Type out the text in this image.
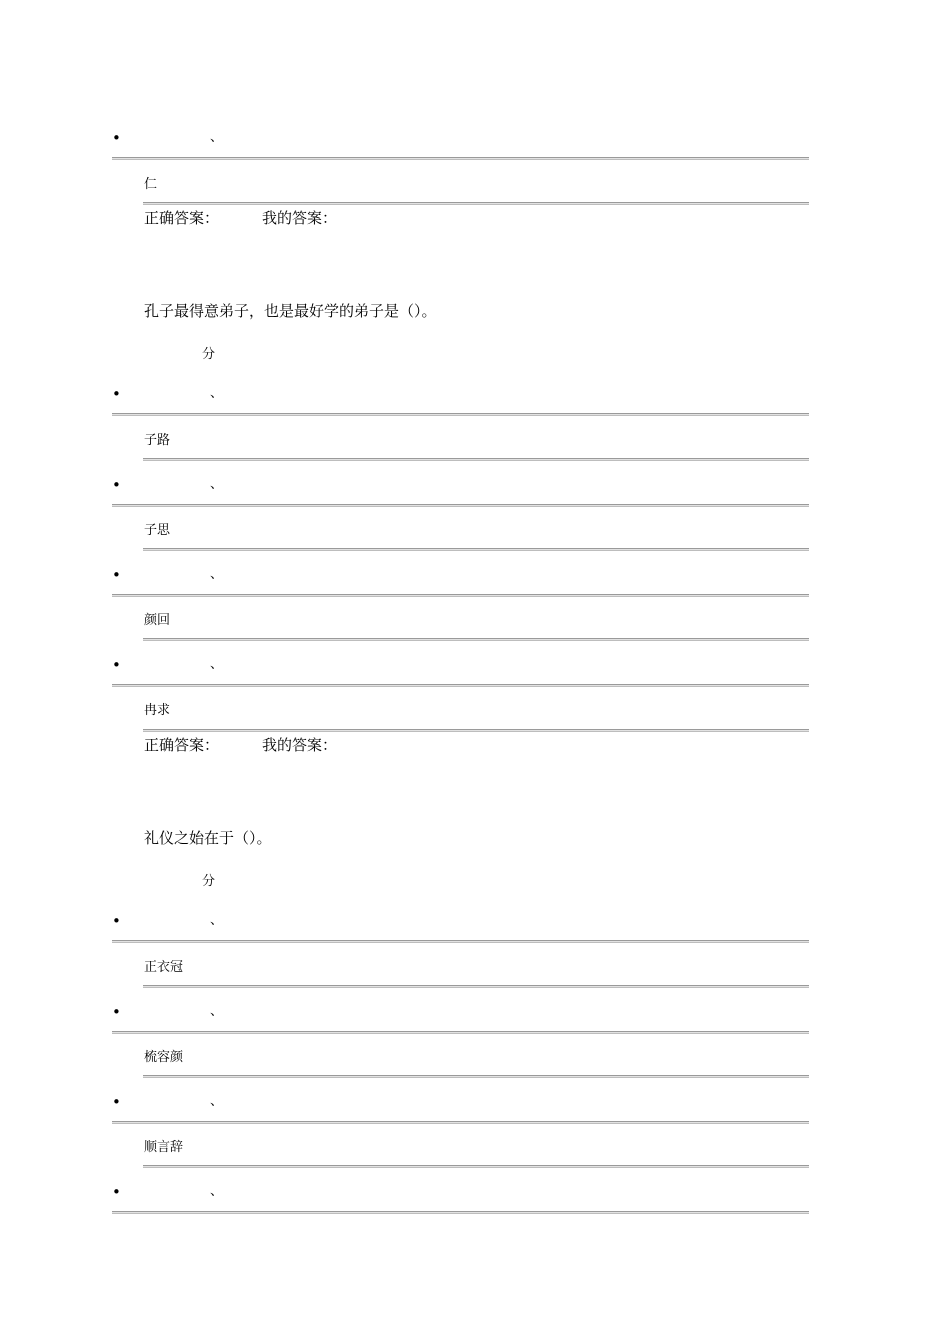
•	、
仁
正确答案：	我的答案：
孔子最得意弟子，也是最好学的弟子是（）。
分
•	、
子路
•	、
子思
•	、
颜回
•	、
冉求
正确答案：	我的答案：
礼仪之始在于（）。
分
•	、
正衣冠
•	、
梳容颜
•	、
顺言辞
•	、
